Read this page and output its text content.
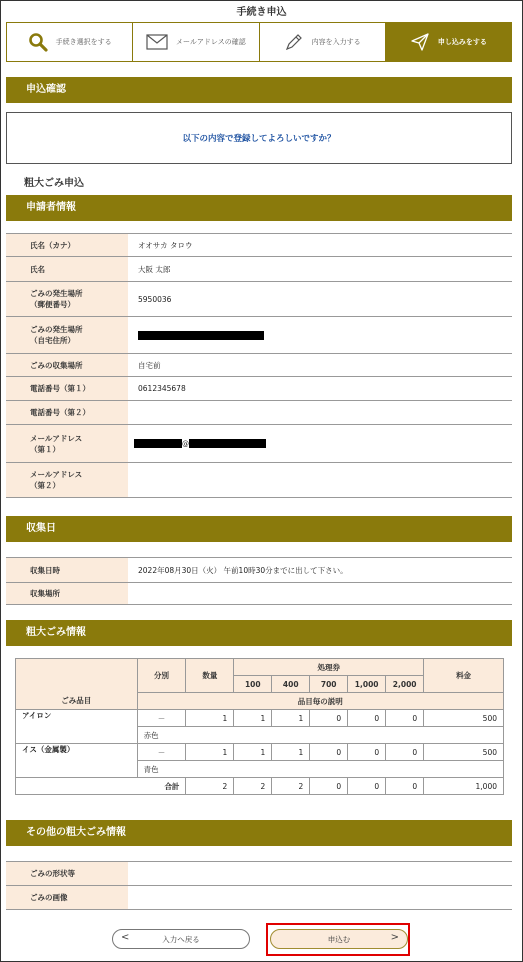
手続き申込
手続き選択をする	メールアドレスの確認	内容を入力する	申し込みをする
申込確認
以下の内容で登録してよろしいですか？
粗大ごみ申込
申請者情報
氏名（カナ）	オオサカ タロウ
氏名	大阪 太郎
ごみの発生場所
（郵便番号）	5950036
ごみの発生場所
（自宅住所）	
ごみの収集場所	自宅前
電話番号（第１）	0612345678
電話番号（第２）	
メールアドレス
（第１）	@
メールアドレス
（第２）	
収集日
収集日時	2022年08月30日（火） 午前10時30分までに出して下さい。
収集場所	
粗大ごみ情報
ごみ品目	分別	数量	処理券					料金
			100	400	700	1,000	2,000	
	品目毎の説明							
アイロン	－	1	1	1	0	0	0	500
	赤色							
イス（金属製）	－	1	1	1	0	0	0	500
	青色							
合計		2	2	2	0	0	0	1,000
その他の粗大ごみ情報
ごみの形状等	
ごみの画像	
<	入力へ戻る	申込む	>
